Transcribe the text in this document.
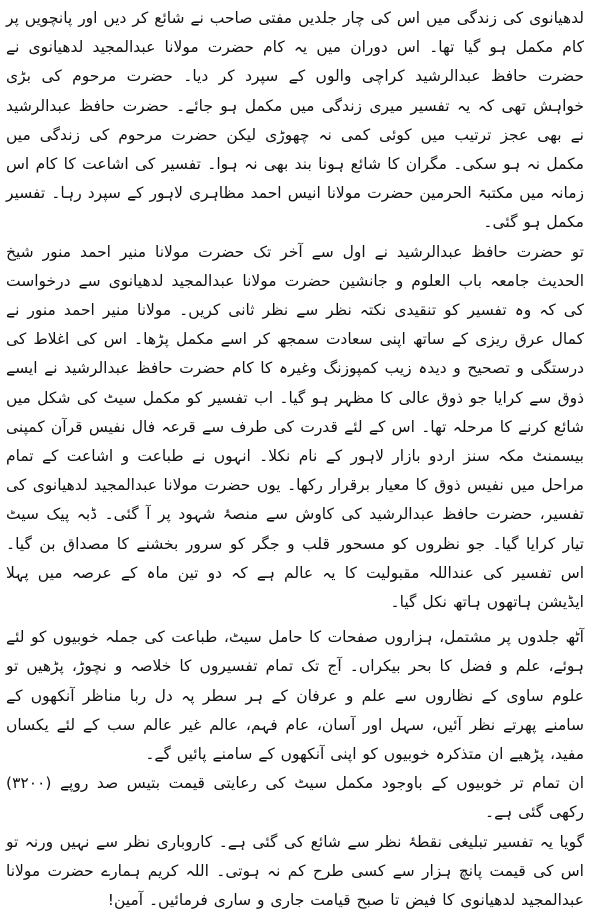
لدھیانوی کی زندگی میں اس کی چار جلدیں مفتی صاحب نے شائع کر دیں اور پانچویں پر کام مکمل ہو گیا تھا۔ اس دوران میں یہ کام حضرت مولانا عبدالمجید لدھیانوی نے حضرت حافظ عبدالرشید کراچی والوں کے سپرد کر دیا۔ حضرت مرحوم کی بڑی خواہش تھی کہ یہ تفسیر میری زندگی میں مکمل ہو جائے۔ حضرت حافظ عبدالرشید نے بھی عجز ترتیب میں کوئی کمی نہ چھوڑی لیکن حضرت مرحوم کی زندگی میں مکمل نہ ہو سکی۔ مگران کا شائع ہونا بند بھی نہ ہوا۔ تفسیر کی اشاعت کا کام اس زمانہ میں مکتبۃ الحرمین حضرت مولانا انیس احمد مظاہری لاہور کے سپرد رہا۔ تفسیر مکمل ہو گئی۔

تو حضرت حافظ عبدالرشید نے اول سے آخر تک حضرت مولانا منیر احمد منور شیخ الحدیث جامعہ باب العلوم و جانشین حضرت مولانا عبدالمجید لدھیانوی سے درخواست کی کہ وہ تفسیر کو تنقیدی نکتہ نظر سے نظر ثانی کریں۔ مولانا منیر احمد منور نے کمال عرق ریزی کے ساتھ اپنی سعادت سمجھ کر اسے مکمل پڑھا۔ اس کی اغلاط کی درستگی و تصحیح و دیدہ زیب کمپوزنگ وغیرہ کا کام حضرت حافظ عبدالرشید نے ایسے ذوق سے کرایا جو ذوق عالی کا مظہر ہو گیا۔ اب تفسیر کو مکمل سیٹ کی شکل میں شائع کرنے کا مرحلہ تھا۔ اس کے لئے قدرت کی طرف سے قرعہ فال نفیس قرآن کمپنی بیسمنٹ مکہ سنز اردو بازار لاہور کے نام نکلا۔ انہوں نے طباعت و اشاعت کے تمام مراحل میں نفیس ذوق کا معیار برقرار رکھا۔ یوں حضرت مولانا عبدالمجید لدھیانوی کی تفسیر، حضرت حافظ عبدالرشید کی کاوش سے منصۂ شہود پر آ گئی۔ ڈبہ پیک سیٹ تیار کرایا گیا۔ جو نظروں کو مسحور قلب و جگر کو سرور بخشنے کا مصداق بن گیا۔ اس تفسیر کی عنداللہ مقبولیت کا یہ عالم ہے کہ دو تین ماہ کے عرصہ میں پہلا ایڈیشن ہاتھوں ہاتھ نکل گیا۔

آٹھ جلدوں پر مشتمل، ہزاروں صفحات کا حامل سیٹ، طباعت کی جملہ خوبیوں کو لئے ہوئے، علم و فضل کا بحر بیکراں۔ آج تک تمام تفسیروں کا خلاصہ و نچوڑ، پڑھیں تو علوم ساوی کے نظاروں سے علم و عرفان کے ہر سطر پہ دل ربا مناظر آنکھوں کے سامنے پھرتے نظر آئیں، سہل اور آسان، عام فہم، عالم غیر عالم سب کے لئے یکساں مفید، پڑھیے ان متذکرہ خوبیوں کو اپنی آنکھوں کے سامنے پائیں گے۔

ان تمام تر خوبیوں کے باوجود مکمل سیٹ کی رعایتی قیمت بتیس صد روپے (۳۲۰۰) رکھی گئی ہے۔

گویا یہ تفسیر تبلیغی نقطۂ نظر سے شائع کی گئی ہے۔ کاروباری نظر سے نہیں ورنہ تو اس کی قیمت پانچ ہزار سے کسی طرح کم نہ ہوتی۔ اللہ کریم ہمارے حضرت مولانا عبدالمجید لدھیانوی کا فیض تا صبح قیامت جاری و ساری فرمائیں۔ آمین!
